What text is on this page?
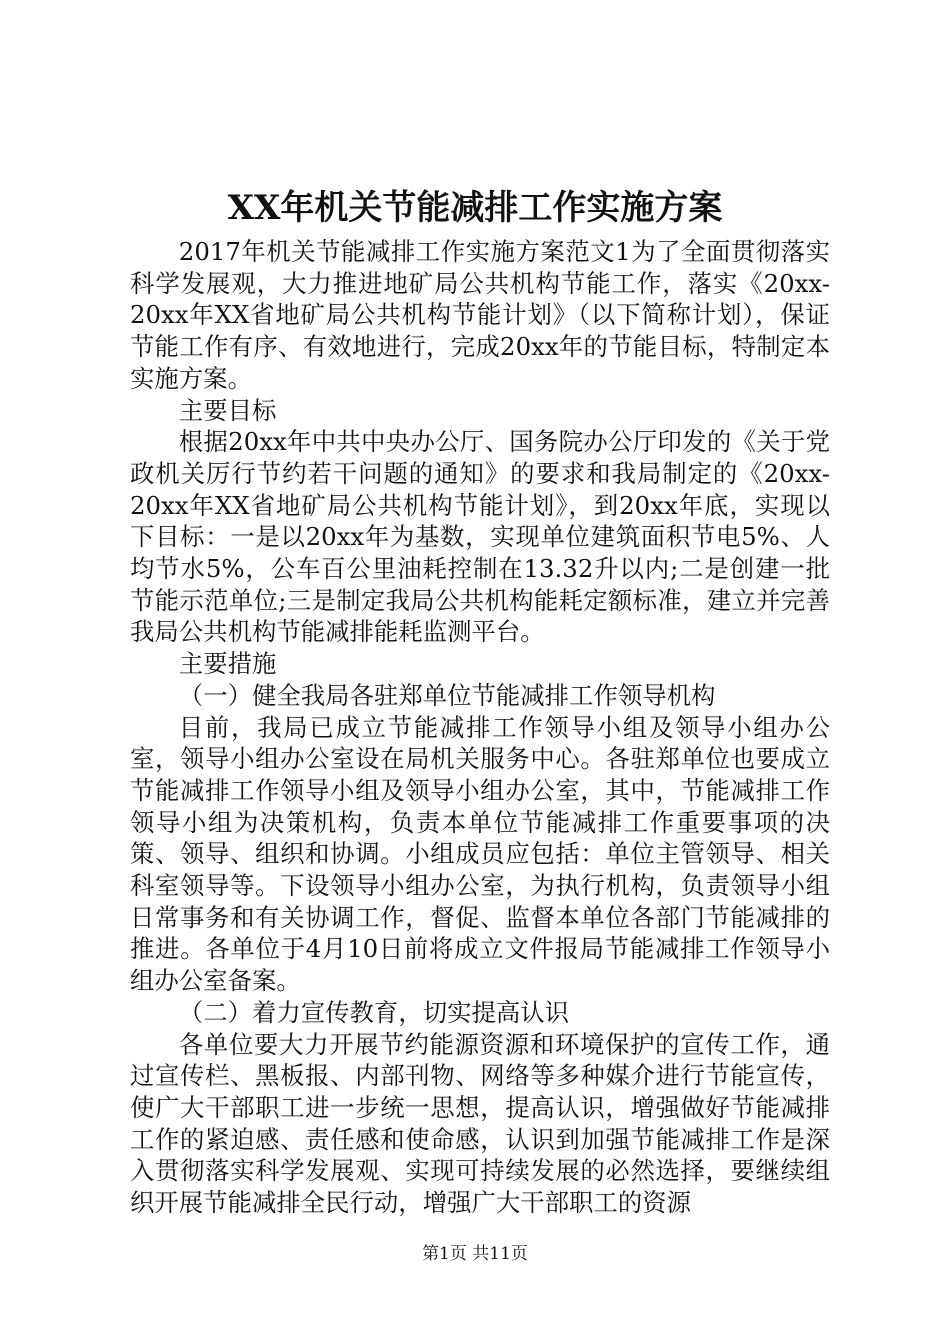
XX年机关节能减排工作实施方案

2017年机关节能减排工作实施方案范文1为了全面贯彻落实科学发展观，大力推进地矿局公共机构节能工作，落实《20xx-20xx年XX省地矿局公共机构节能计划》（以下简称计划），保证节能工作有序、有效地进行，完成20xx年的节能目标，特制定本实施方案。

主要目标

根据20xx年中共中央办公厅、国务院办公厅印发的《关于党政机关厉行节约若干问题的通知》的要求和我局制定的《20xx-20xx年XX省地矿局公共机构节能计划》，到20xx年底，实现以下目标：一是以20xx年为基数，实现单位建筑面积节电5%、人均节水5%，公车百公里油耗控制在13.32升以内;二是创建一批节能示范单位;三是制定我局公共机构能耗定额标准，建立并完善我局公共机构节能减排能耗监测平台。

主要措施

（一）健全我局各驻郑单位节能减排工作领导机构

目前，我局已成立节能减排工作领导小组及领导小组办公室，领导小组办公室设在局机关服务中心。各驻郑单位也要成立节能减排工作领导小组及领导小组办公室，其中，节能减排工作领导小组为决策机构，负责本单位节能减排工作重要事项的决策、领导、组织和协调。小组成员应包括：单位主管领导、相关科室领导等。下设领导小组办公室，为执行机构，负责领导小组日常事务和有关协调工作，督促、监督本单位各部门节能减排的推进。各单位于4月10日前将成立文件报局节能减排工作领导小组办公室备案。

（二）着力宣传教育，切实提高认识

各单位要大力开展节约能源资源和环境保护的宣传工作，通过宣传栏、黑板报、内部刊物、网络等多种媒介进行节能宣传，使广大干部职工进一步统一思想，提高认识，增强做好节能减排工作的紧迫感、责任感和使命感，认识到加强节能减排工作是深入贯彻落实科学发展观、实现可持续发展的必然选择，要继续组织开展节能减排全民行动，增强广大干部职工的资源

第1页 共11页
